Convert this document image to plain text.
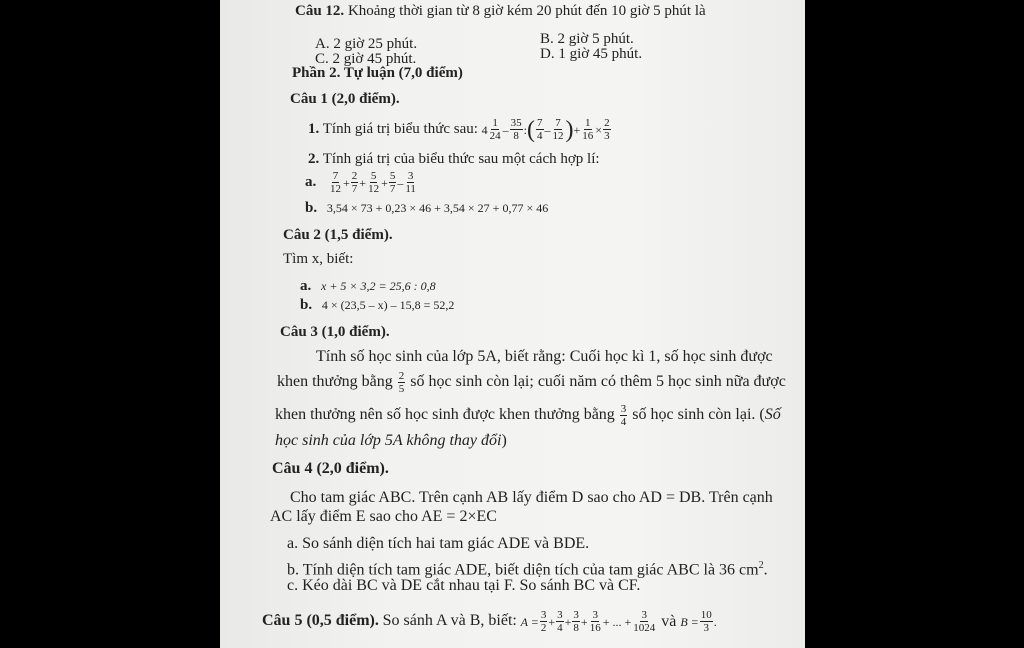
Câu 12. Khoảng thời gian từ 8 giờ kém 20 phút đến 10 giờ 5 phút là
A. 2 giờ 25 phút.	B. 2 giờ 5 phút.
C. 2 giờ 45 phút.	D. 1 giờ 45 phút.
Phần 2. Tự luận (7,0 điểm)
Câu 1 (2,0 điểm).
1. Tính giá trị biểu thức sau: $4 \frac{1}{24} - \frac{35}{8}$ : ( $\frac{7}{4} - \frac{7}{12}$ ) + $\frac{1}{16} \times \frac{2}{3}$
2. Tính giá trị của biểu thức sau một cách hợp lí:
a. $\frac{7}{12} + \frac{2}{7} + \frac{5}{12} + \frac{5}{7} - \frac{3}{11}$
b. 3,54 × 73 + 0,23 × 46 + 3,54 × 27 + 0,77 × 46
Câu 2 (1,5 điểm).
Tìm x, biết:
a. x + 5 × 3,2 = 25,6 : 0,8
b. 4 × (23,5 – x) – 15,8 = 52,2
Câu 3 (1,0 điểm).
Tính số học sinh của lớp 5A, biết rằng: Cuối học kì 1, số học sinh được
khen thưởng bằng $\frac{2}{5}$ số học sinh còn lại; cuối năm có thêm 5 học sinh nữa được
khen thưởng nên số học sinh được khen thưởng bằng $\frac{3}{4}$ số học sinh còn lại. (Số
học sinh của lớp 5A không thay đổi)
Câu 4 (2,0 điểm).
Cho tam giác ABC. Trên cạnh AB lấy điểm D sao cho AD = DB. Trên cạnh
AC lấy điểm E sao cho AE = 2×EC
a. So sánh diện tích hai tam giác ADE và BDE.
b. Tính diện tích tam giác ADE, biết diện tích của tam giác ABC là 36 $cm^2$.
c. Kéo dài BC và DE cắt nhau tại F. So sánh BC và CF.
Câu 5 (0,5 điểm). So sánh A và B, biết: $A = \frac{3}{2} + \frac{3}{4} + \frac{3}{8} + \frac{3}{16}$ + ... + $\frac{3}{1024}$ và $B = \frac{10}{3}$ .
